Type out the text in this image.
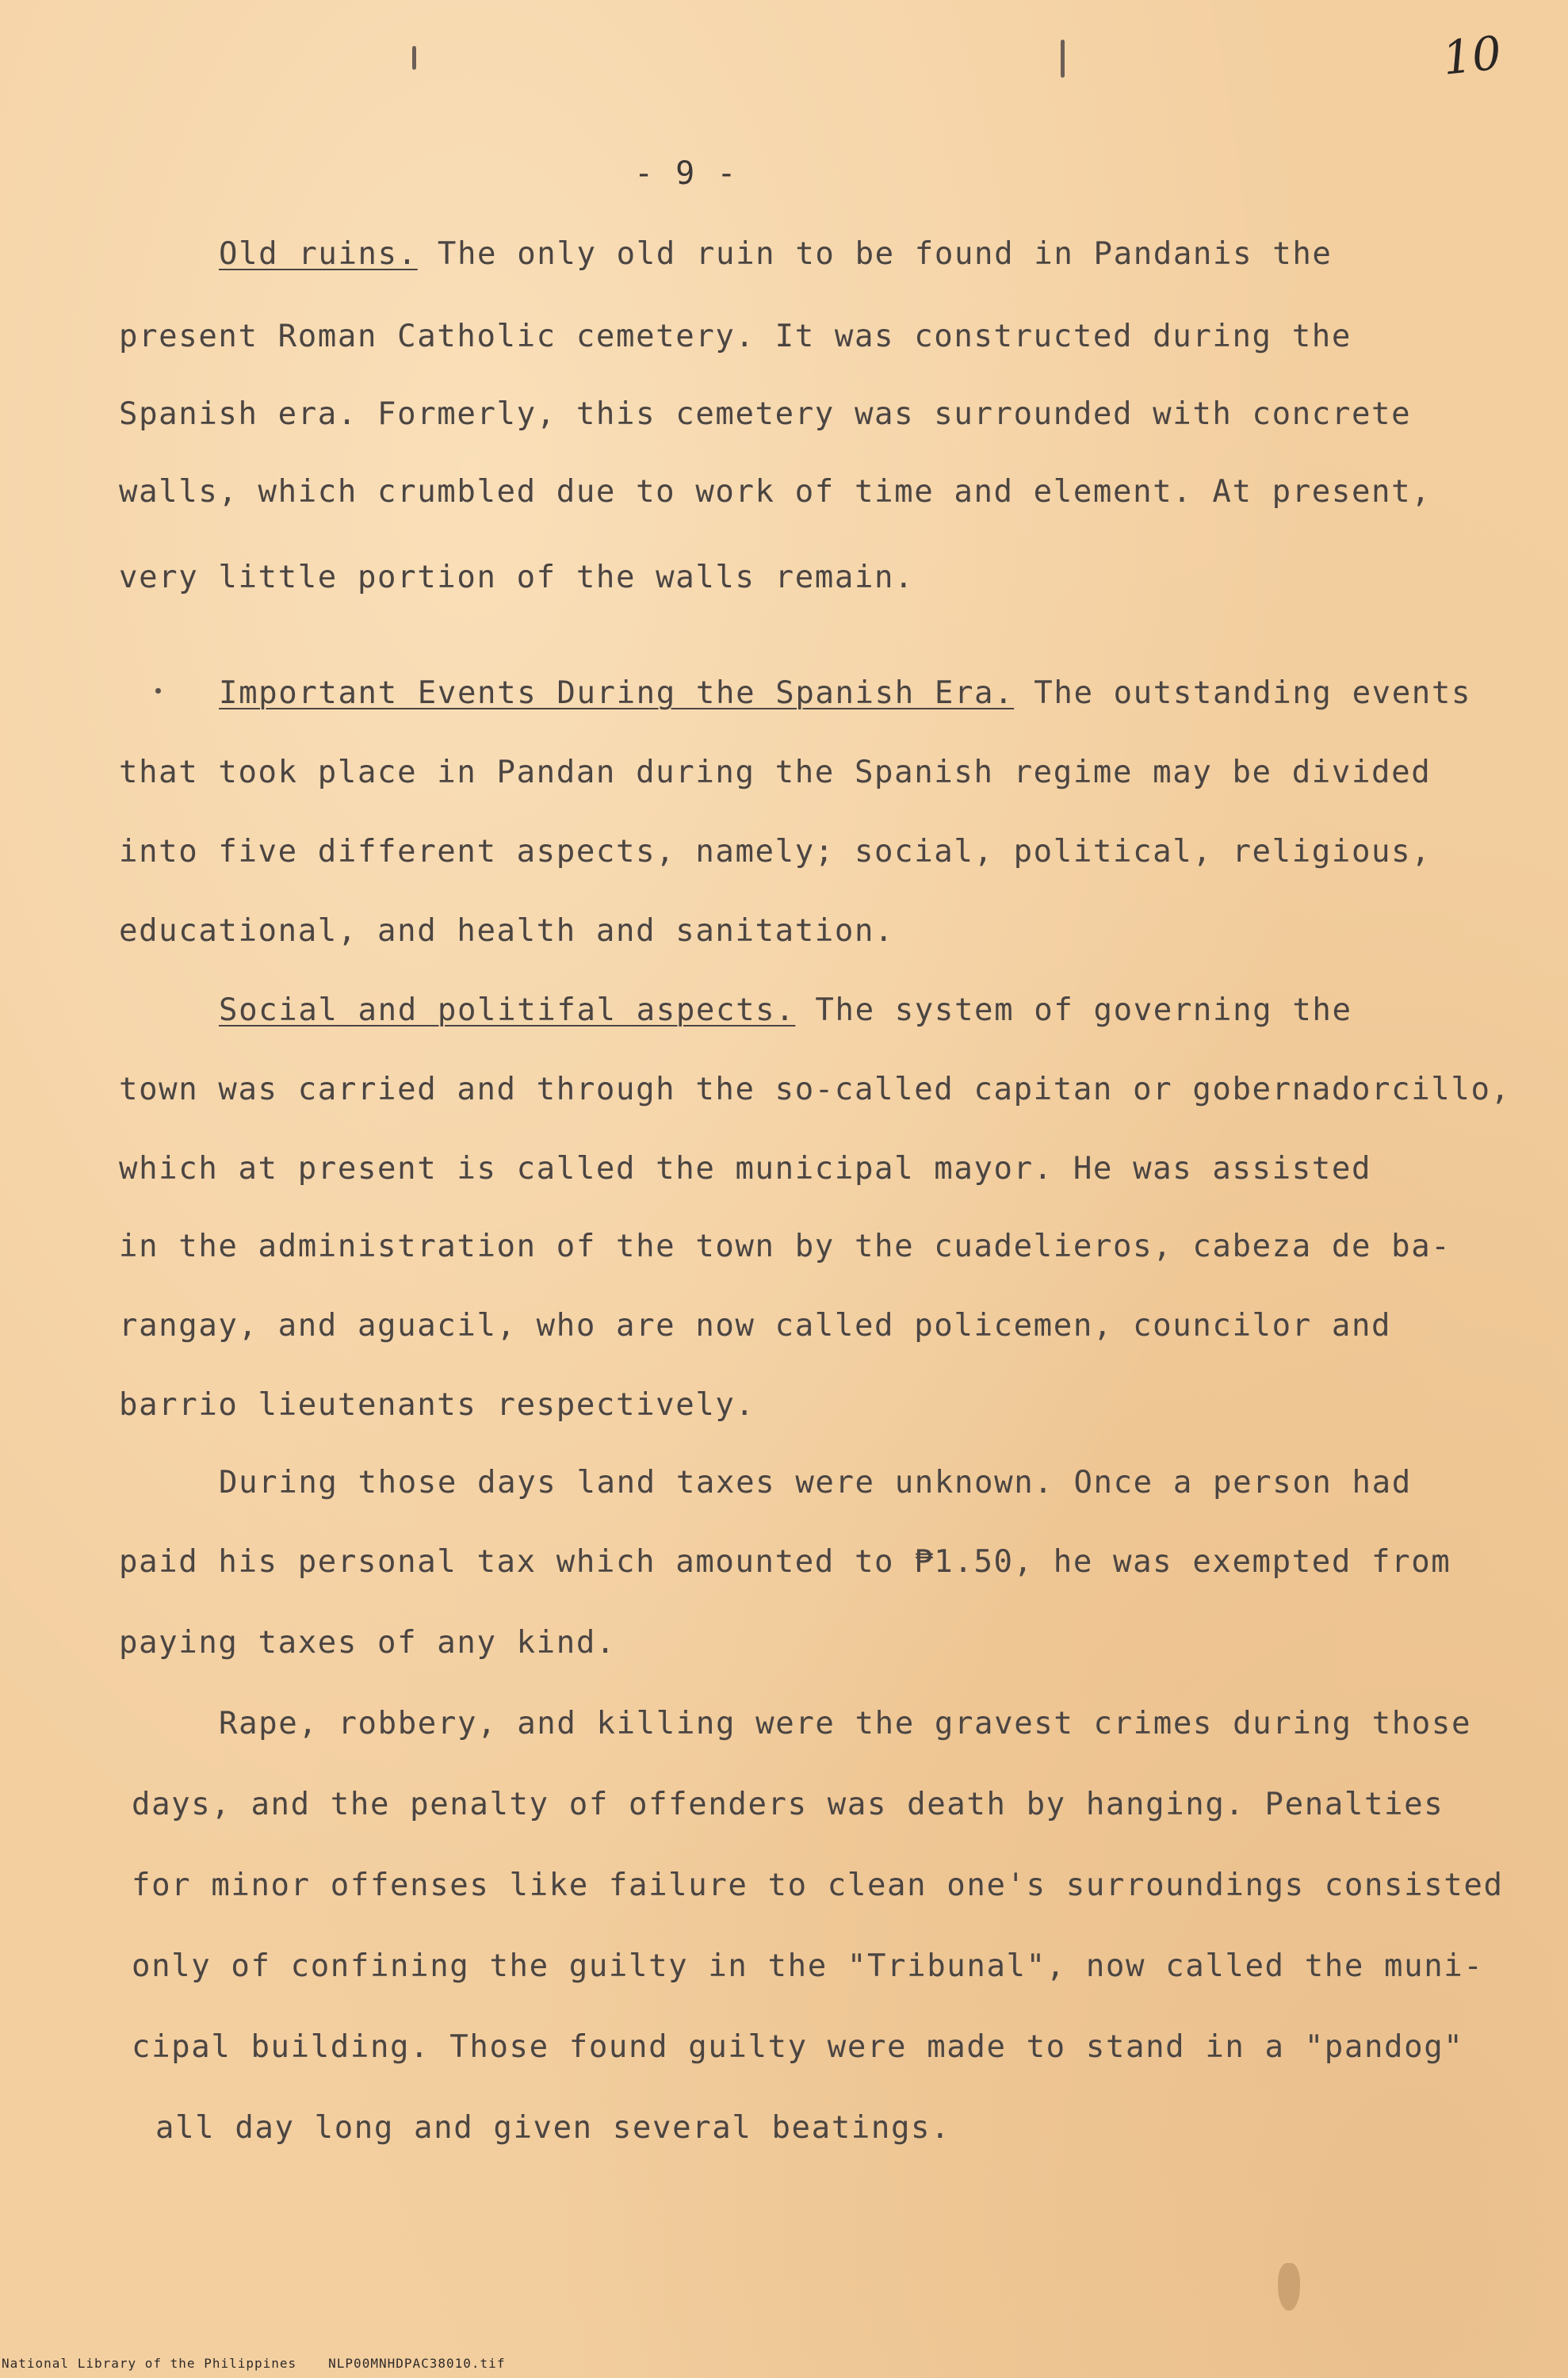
10
- 9 -

Old ruins. The only old ruin to be found in Pandanis the
present Roman Catholic cemetery. It was constructed during the
Spanish era. Formerly, this cemetery was surrounded with concrete
walls, which crumbled due to work of time and element. At present,
very little portion of the walls remain.
Important Events During the Spanish Era. The outstanding events
that took place in Pandan during the Spanish regime may be divided
into five different aspects, namely; social, political, religious,
educational, and health and sanitation.
Social and politifal aspects. The system of governing the
town was carried and through the so-called capitan or gobernadorcillo,
which at present is called the municipal mayor. He was assisted
in the administration of the town by the cuadelieros, cabeza de ba-
rangay, and aguacil, who are now called policemen, councilor and
barrio lieutenants respectively.
During those days land taxes were unknown. Once a person had
paid his personal tax which amounted to ₱1.50, he was exempted from
paying taxes of any kind.
Rape, robbery, and killing were the gravest crimes during those
days, and the penalty of offenders was death by hanging. Penalties
for minor offenses like failure to clean one's surroundings consisted
only of confining the guilty in the "Tribunal", now called the muni-
cipal building. Those found guilty were made to stand in a "pandog"
all day long and given several beatings.
National Library of the Philippines	NLP00MNHDPAC38010.tif
